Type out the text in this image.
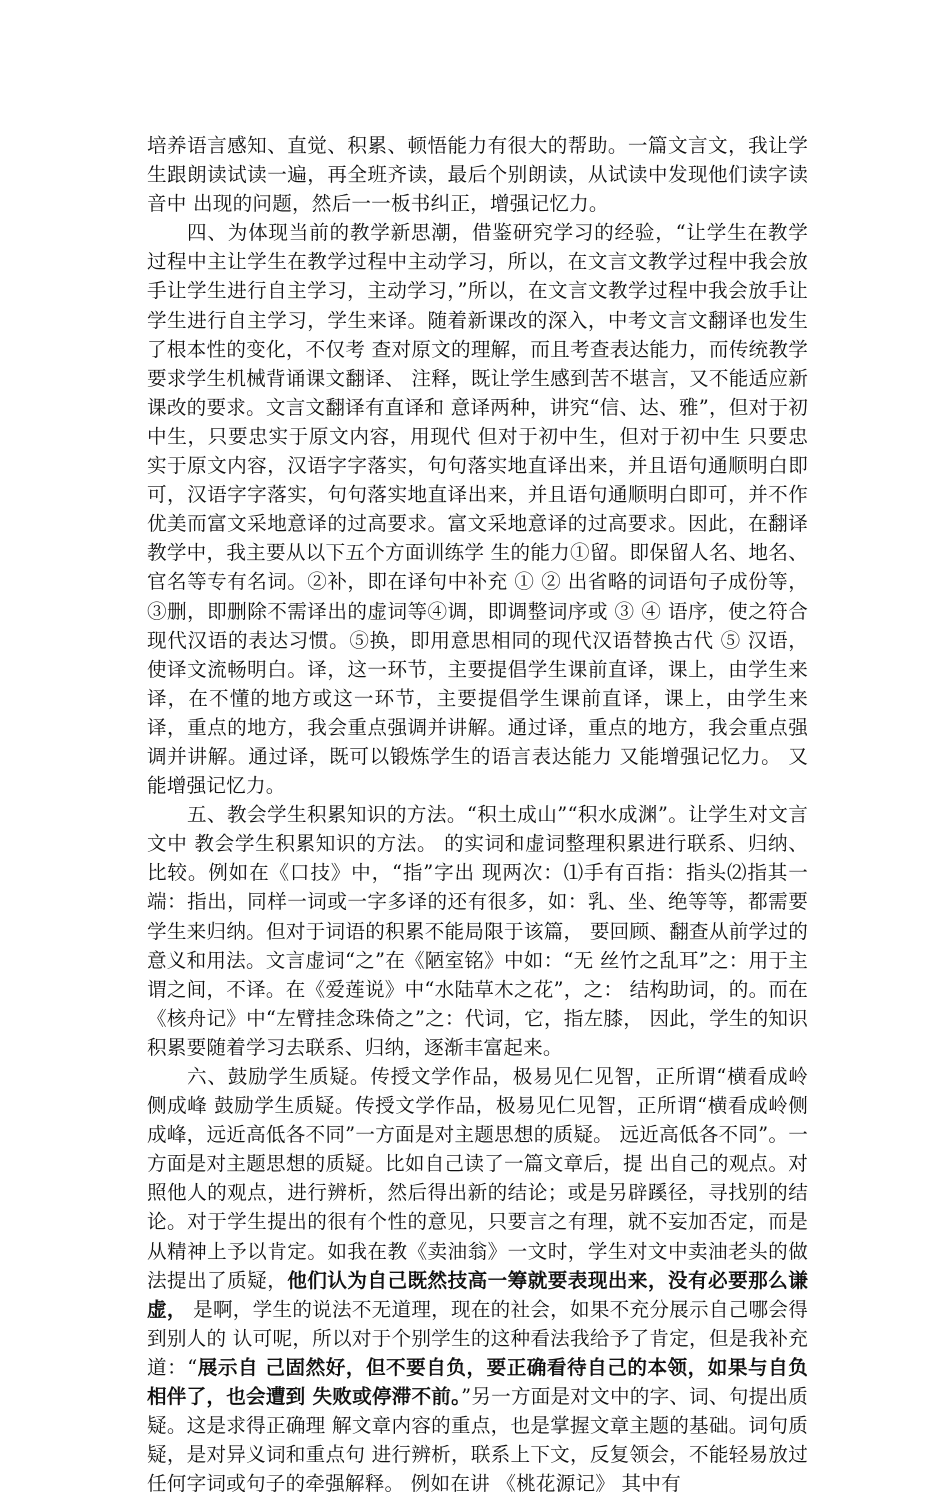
培养语言感知、直觉、积累、顿悟能力有很大的帮助。一篇文言文，我让学 生跟朗读试读一遍，再全班齐读，最后个别朗读，从试读中发现他们读字读音中 出现的问题，然后一一板书纠正，增强记忆力。

四、为体现当前的教学新思潮，借鉴研究学习的经验，“让学生在教学过程中主让学生在教学过程中主动学习，所以，在文言文教学过程中我会放手让学生进行自主学习，主动学习，”所以，在文言文教学过程中我会放手让学生进行自主学习，学生来译。随着新课改的深入，中考文言文翻译也发生了根本性的变化，不仅考 查对原文的理解，而且考查表达能力，而传统教学要求学生机械背诵课文翻译、 注释，既让学生感到苦不堪言，又不能适应新课改的要求。文言文翻译有直译和 意译两种，讲究“信、达、雅”，但对于初中生，只要忠实于原文内容，用现代 但对于初中生，但对于初中生 只要忠实于原文内容，汉语字字落实，句句落实地直译出来，并且语句通顺明白即可，汉语字字落实，句句落实地直译出来，并且语句通顺明白即可，并不作优美而富文采地意译的过高要求。富文采地意译的过高要求。因此，在翻译教学中，我主要从以下五个方面训练学 生的能力①留。即保留人名、地名、官名等专有名词。②补，即在译句中补充 ① ② 出省略的词语句子成份等，③删，即删除不需译出的虚词等④调，即调整词序或 ③ ④ 语序，使之符合现代汉语的表达习惯。⑤换，即用意思相同的现代汉语替换古代 ⑤ 汉语，使译文流畅明白。译，这一环节，主要提倡学生课前直译，课上，由学生来译，在不懂的地方或这一环节，主要提倡学生课前直译，课上，由学生来译，重点的地方，我会重点强调并讲解。通过译，重点的地方，我会重点强调并讲解。通过译，既可以锻炼学生的语言表达能力 又能增强记忆力。 又能增强记忆力。

五、教会学生积累知识的方法。“积土成山”“积水成渊”。让学生对文言文中 教会学生积累知识的方法。 的实词和虚词整理积累进行联系、归纳、比较。例如在《口技》中，“指”字出 现两次：⑴手有百指：指头⑵指其一端：指出，同样一词或一字多译的还有很多，如：乳、坐、绝等等，都需要学生来归纳。但对于词语的积累不能局限于该篇， 要回顾、翻查从前学过的意义和用法。文言虚词“之”在《陋室铭》中如：“无 丝竹之乱耳”之：用于主谓之间，不译。在《爱莲说》中“水陆草木之花”，之： 结构助词，的。而在《核舟记》中“左臂挂念珠倚之”之：代词，它，指左膝， 因此，学生的知识积累要随着学习去联系、归纳，逐渐丰富起来。

六、鼓励学生质疑。传授文学作品，极易见仁见智，正所谓“横看成岭侧成峰 鼓励学生质疑。传授文学作品，极易见仁见智，正所谓“横看成岭侧成峰，远近高低各不同”一方面是对主题思想的质疑。 远近高低各不同”。一方面是对主题思想的质疑。比如自己读了一篇文章后，提 出自己的观点。对照他人的观点，进行辨析，然后得出新的结论；或是另辟蹊径，寻找别的结论。对于学生提出的很有个性的意见，只要言之有理，就不妄加否定，而是从精神上予以肯定。如我在教《卖油翁》一文时，学生对文中卖油老头的做 法提出了质疑，他们认为自己既然技高一筹就要表现出来，没有必要那么谦虚， 是啊，学生的说法不无道理，现在的社会，如果不充分展示自己哪会得到别人的 认可呢，所以对于个别学生的这种看法我给予了肯定，但是我补充道：“展示自 己固然好，但不要自负，要正确看待自己的本领，如果与自负相伴了，也会遭到 失败或停滞不前。”另一方面是对文中的字、词、句提出质疑。这是求得正确理 解文章内容的重点，也是掌握文章主题的基础。词句质疑，是对异义词和重点句 进行辨析，联系上下文，反复领会，不能轻易放过任何字词或句子的牵强解释。 例如在讲 《桃花源记》 其中有
